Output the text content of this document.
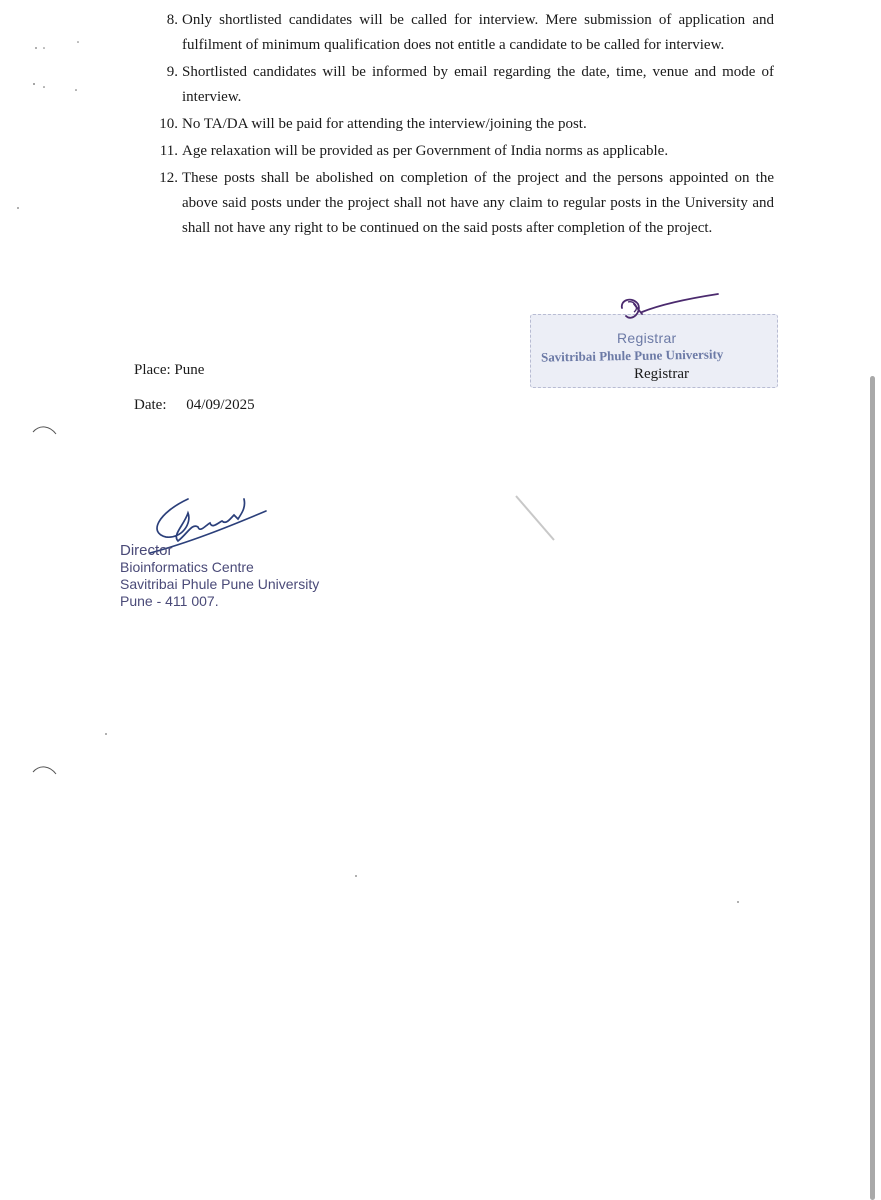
8. Only shortlisted candidates will be called for interview. Mere submission of application and fulfilment of minimum qualification does not entitle a candidate to be called for interview.
9. Shortlisted candidates will be informed by email regarding the date, time, venue and mode of interview.
10. No TA/DA will be paid for attending the interview/joining the post.
11. Age relaxation will be provided as per Government of India norms as applicable.
12. These posts shall be abolished on completion of the project and the persons appointed on the above said posts under the project shall not have any claim to regular posts in the University and shall not have any right to be continued on the said posts after completion of the project.
Registrar
Savitribai Phule Pune University
Registrar
Place: Pune
Date: 04/09/2025
Director
Bioinformatics Centre
Savitribai Phule Pune University
Pune - 411 007.
